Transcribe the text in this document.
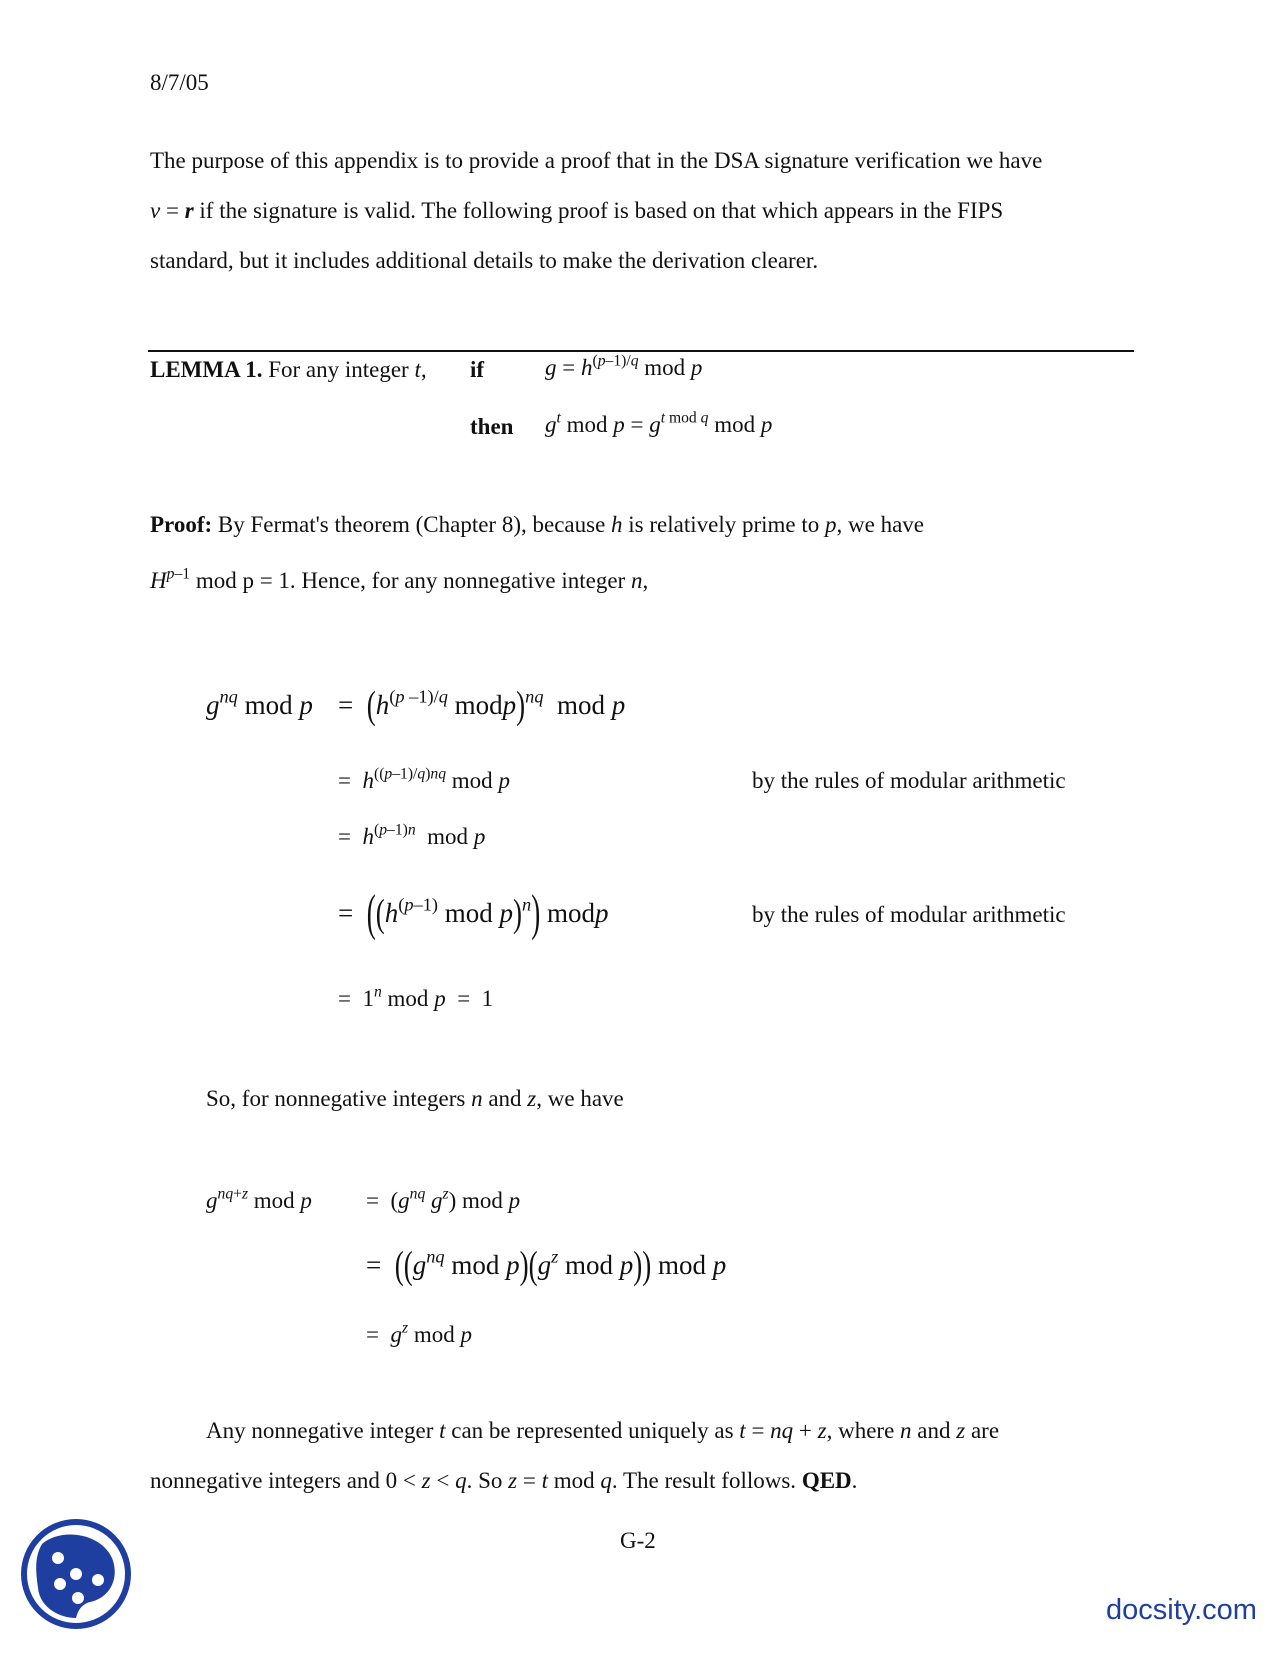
8/7/05
The purpose of this appendix is to provide a proof that in the DSA signature verification we have
v = r if the signature is valid. The following proof is based on that which appears in the FIPS
standard, but it includes additional details to make the derivation clearer.
LEMMA 1. For any integer t, if	$g = h^{(p-1)/q}$ mod p
then $g^t$ mod $p = g^{t mod q}$ mod p
Proof: By Fermat's theorem (Chapter 8), because h is relatively prime to p, we have
$H^{p-1}$ mod p = 1. Hence, for any nonnegative integer n,
$g^{nq}$ mod $p = (h^{(p -1)/q}$ modp)$^{nq}$  mod p
=  $h^{((p-1)/q)nq}$ mod p	by the rules of modular arithmetic
=  $h^{(p-1)n}$  mod p
=  (($h^{(p-1)}$ mod p)$^n$) modp	by the rules of modular arithmetic
=  1$^n$ mod p  =  1
So, for nonnegative integers n and z, we have
$g^{nq+z}$ mod $p = (g^{nq}$ $g^z$) mod p
=  (($g^{nq}$ mod $p)(g^z$ mod p)) mod p
=  $g^z$ mod p
Any nonnegative integer t can be represented uniquely as t = nq + z, where n and z are
nonnegative integers and 0 < z < q. So z = t mod q. The result follows. QED.
G-2
docsity.com
